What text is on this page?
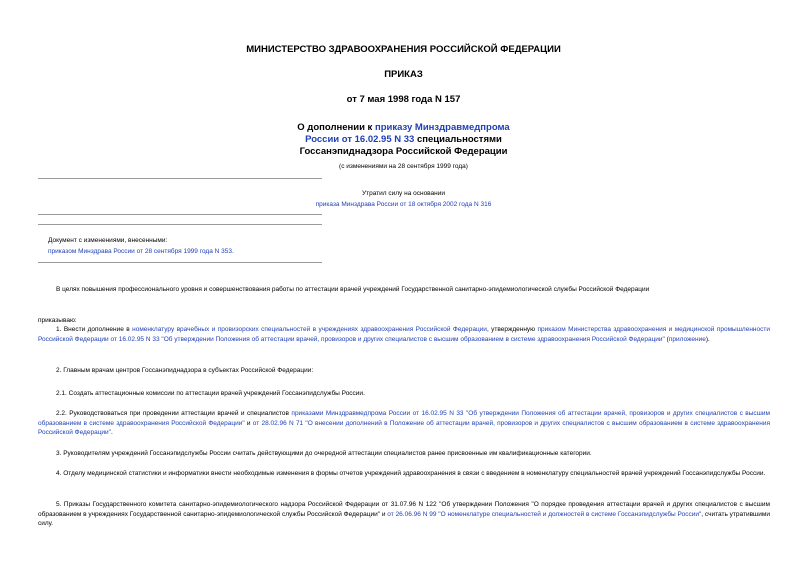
МИНИСТЕРСТВО ЗДРАВООХРАНЕНИЯ РОССИЙСКОЙ ФЕДЕРАЦИИ
ПРИКАЗ
от 7 мая 1998 года N 157
О дополнении к приказу Минздравмедпрома
России от 16.02.95 N 33 специальностями
Госсанэпиднадзора Российской Федерации
(с изменениями на 28 сентября 1999 года)
Утратил силу на основании
приказа Минздрава России от 18 октября 2002 года N 316
Документ с изменениями, внесенными:
приказом Минздрава России от 28 сентября 1999 года N 353.
В целях повышения профессионального уровня и совершенствования работы по аттестации врачей учреждений Государственной санитарно-эпидемиологической службы Российской Федерации
приказываю:
1. Внести дополнение в номенклатуру врачебных и провизорских специальностей в учреждениях здравоохранения Российской Федерации, утвержденную приказом Министерства здравоохранения и медицинской промышленности Российской Федерации от 16.02.95 N 33 "Об утверждении Положения об аттестации врачей, провизоров и других специалистов с высшим образованием в системе здравоохранения Российской Федерации" (приложение).
2. Главным врачам центров Госсанэпиднадзора в субъектах Российской Федерации:
2.1. Создать аттестационные комиссии по аттестации врачей учреждений Госсанэпидслужбы России.
2.2. Руководствоваться при проведении аттестации врачей и специалистов приказами Минздравмедпрома России от 16.02.95 N 33 "Об утверждении Положения об аттестации врачей, провизоров и других специалистов с высшим образованием в системе здравоохранения Российской Федерации" и от 28.02.96 N 71 "О внесении дополнений в Положение об аттестации врачей, провизоров и других специалистов с высшим образованием в системе здравоохранения Российской Федерации".
3. Руководителям учреждений Госсанэпидслужбы России считать действующими до очередной аттестации специалистов ранее присвоенные им квалификационные категории.
4. Отделу медицинской статистики и информатики внести необходимые изменения в формы отчетов учреждений здравоохранения в связи с введением в номенклатуру специальностей врачей учреждений Госсанэпидслужбы России.
5. Приказы Государственного комитета санитарно-эпидемиологического надзора Российской Федерации от 31.07.96 N 122 "Об утверждении Положения "О порядке проведения аттестации врачей и других специалистов с высшим образованием в учреждениях Государственной санитарно-эпидемиологической службы Российской Федерации" и от 26.06.96 N 99 "О номенклатуре специальностей и должностей в системе Госсанэпидслужбы России", считать утратившими силу.
